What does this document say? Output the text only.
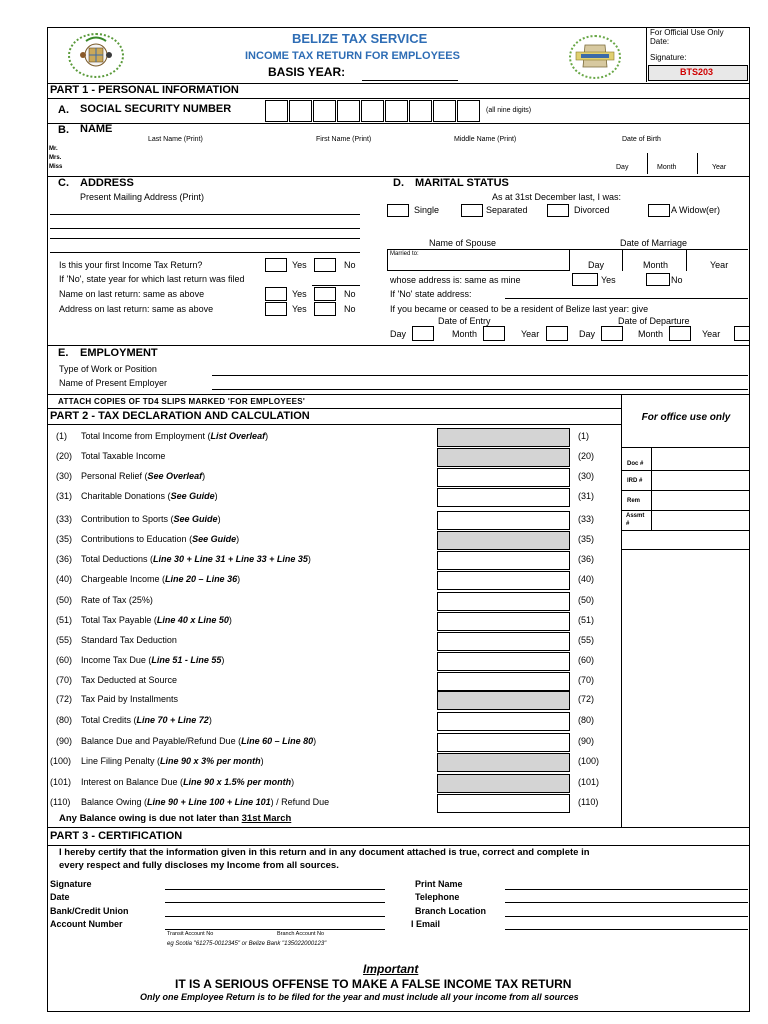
BELIZE TAX SERVICE
INCOME TAX RETURN FOR EMPLOYEES
BASIS YEAR:
For Official Use Only
Date:
Signature:
BTS203
PART 1 - PERSONAL INFORMATION
A. SOCIAL SECURITY NUMBER	(all nine digits)
B. NAME
Last Name (Print)	First Name (Print)	Middle Name (Print)	Date of Birth
Mr.
Mrs.
Miss	Day	Month	Year
C. ADDRESS
Present Mailing Address (Print)
Is this your first Income Tax Return?	Yes	No
If 'No', state year for which last return was filed
Name on last return: same as above	Yes	No
Address on last return: same as above	Yes	No
D. MARITAL STATUS
As at 31st December last, I was:
Single	Separated	Divorced	A Widow(er)
Name of Spouse	Date of Marriage
Married to:
Day	Month	Year
whose address is: same as mine	Yes	No
If 'No' state address:
If you became or ceased to be a resident of Belize last year: give
Date of Entry	Date of Departure
Day	Month	Year	Day	Month	Year
E. EMPLOYMENT
Type of Work or Position
Name of Present Employer
ATTACH COPIES OF TD4 SLIPS MARKED 'FOR EMPLOYEES'
PART 2 - TAX DECLARATION AND CALCULATION	For office use only
Doc #
IRD #
Rem
Assmt #
(1) Total Income from Employment (List Overleaf)	(1)
(20) Total Taxable Income	(20)
(30) Personal Relief (See Overleaf)	(30)
(31) Charitable Donations (See Guide)	(31)
(33) Contribution to Sports (See Guide)	(33)
(35) Contributions to Education (See Guide)	(35)
(36) Total Deductions (Line 30 + Line 31 + Line 33 + Line 35)	(36)
(40) Chargeable Income (Line 20 – Line 36)	(40)
(50) Rate of Tax (25%)	(50)
(51) Total Tax Payable (Line 40 x Line 50)	(51)
(55) Standard Tax Deduction	(55)
(60) Income Tax Due (Line 51 - Line 55)	(60)
(70) Tax Deducted at Source	(70)
(72) Tax Paid by Installments	(72)
(80) Total Credits (Line 70 + Line 72)	(80)
(90) Balance Due and Payable/Refund Due (Line 60 – Line 80)	(90)
(100) Line Filing Penalty (Line 90 x 3% per month)	(100)
(101) Interest on Balance Due (Line 90 x 1.5% per month)	(101)
(110) Balance Owing (Line 90 + Line 100 + Line 101) / Refund Due	(110)
Any Balance owing is due not later than 31st March
PART 3 - CERTIFICATION
I hereby certify that the information given in this return and in any document attached is true, correct and complete in
every respect and fully discloses my Income from all sources.
Signature
Date
Bank/Credit Union
Account Number
Transit Account No	Branch Account No
eg Scotia "61275-0012345" or Belize Bank "135022000123"
Print Name
Telephone
Branch Location
I Email
Important
IT IS A SERIOUS OFFENSE TO MAKE A FALSE INCOME TAX RETURN
Only one Employee Return is to be filed for the year and must include all your income from all sources
